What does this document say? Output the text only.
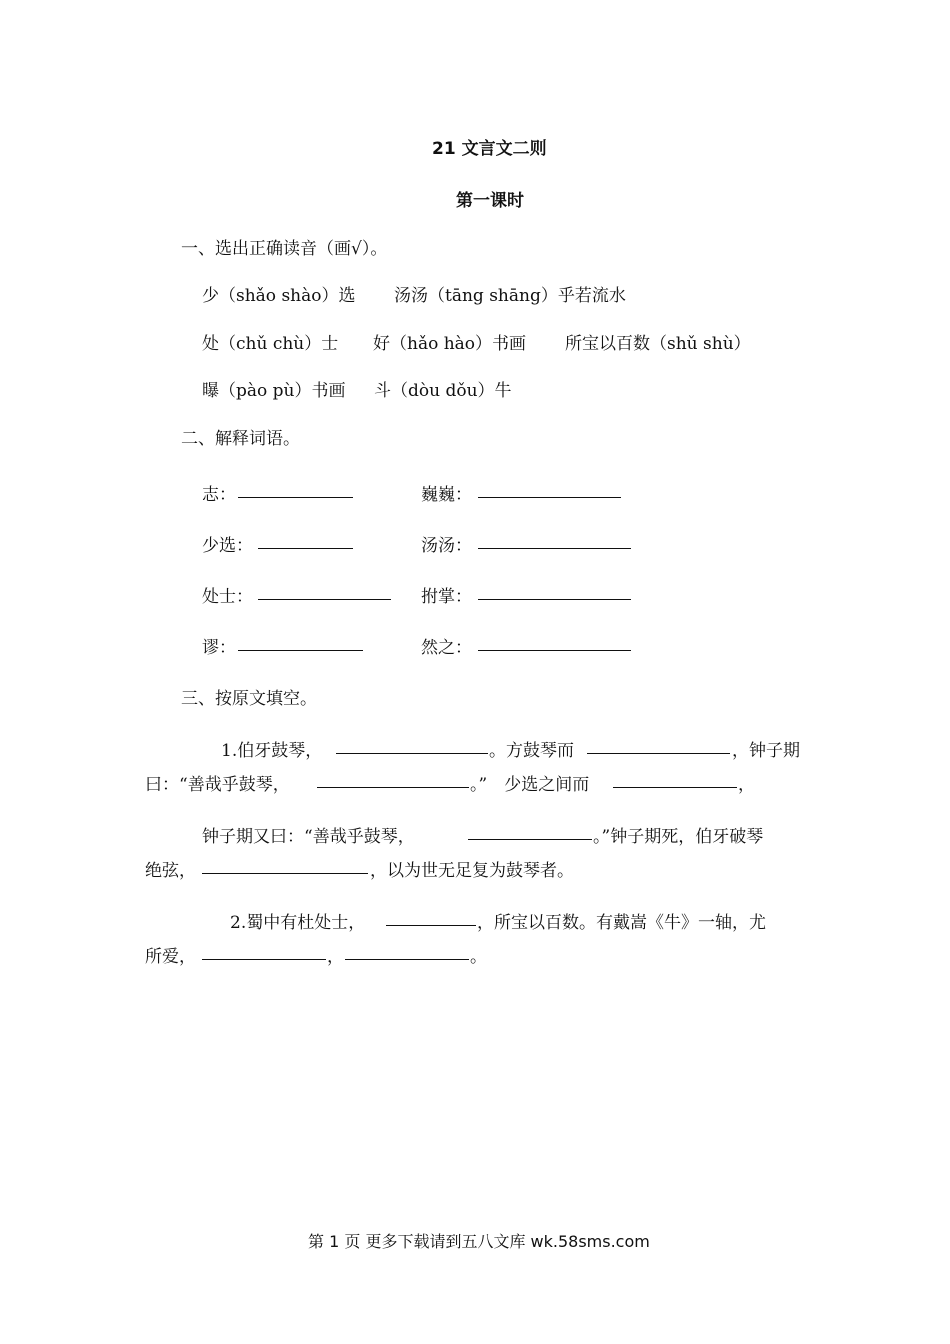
21 文言文二则
第一课时
一、选出正确读音（画√）。
少（shǎo shào）选 汤汤（tāng shāng）乎若流水
处（chǔ chù）士 好（hǎo hào）书画 所宝以百数（shǔ shù）
曝（pào pù）书画 斗（dòu dǒu）牛
二、解释词语。
志：	巍巍：
少选：	汤汤：
处士：	拊掌：
谬：	然之：
三、按原文填空。
1.伯牙鼓琴，	。方鼓琴而	，钟子期
曰：“善哉乎鼓琴，	。”　少选之间而	，
钟子期又曰：“善哉乎鼓琴，	。”钟子期死，伯牙破琴
绝弦，	，以为世无足复为鼓琴者。
2.蜀中有杜处士，	，所宝以百数。有戴嵩《牛》一轴，尤
所爱，	，	。
第 1 页 更多下载请到五八文库 wk.58sms.com
